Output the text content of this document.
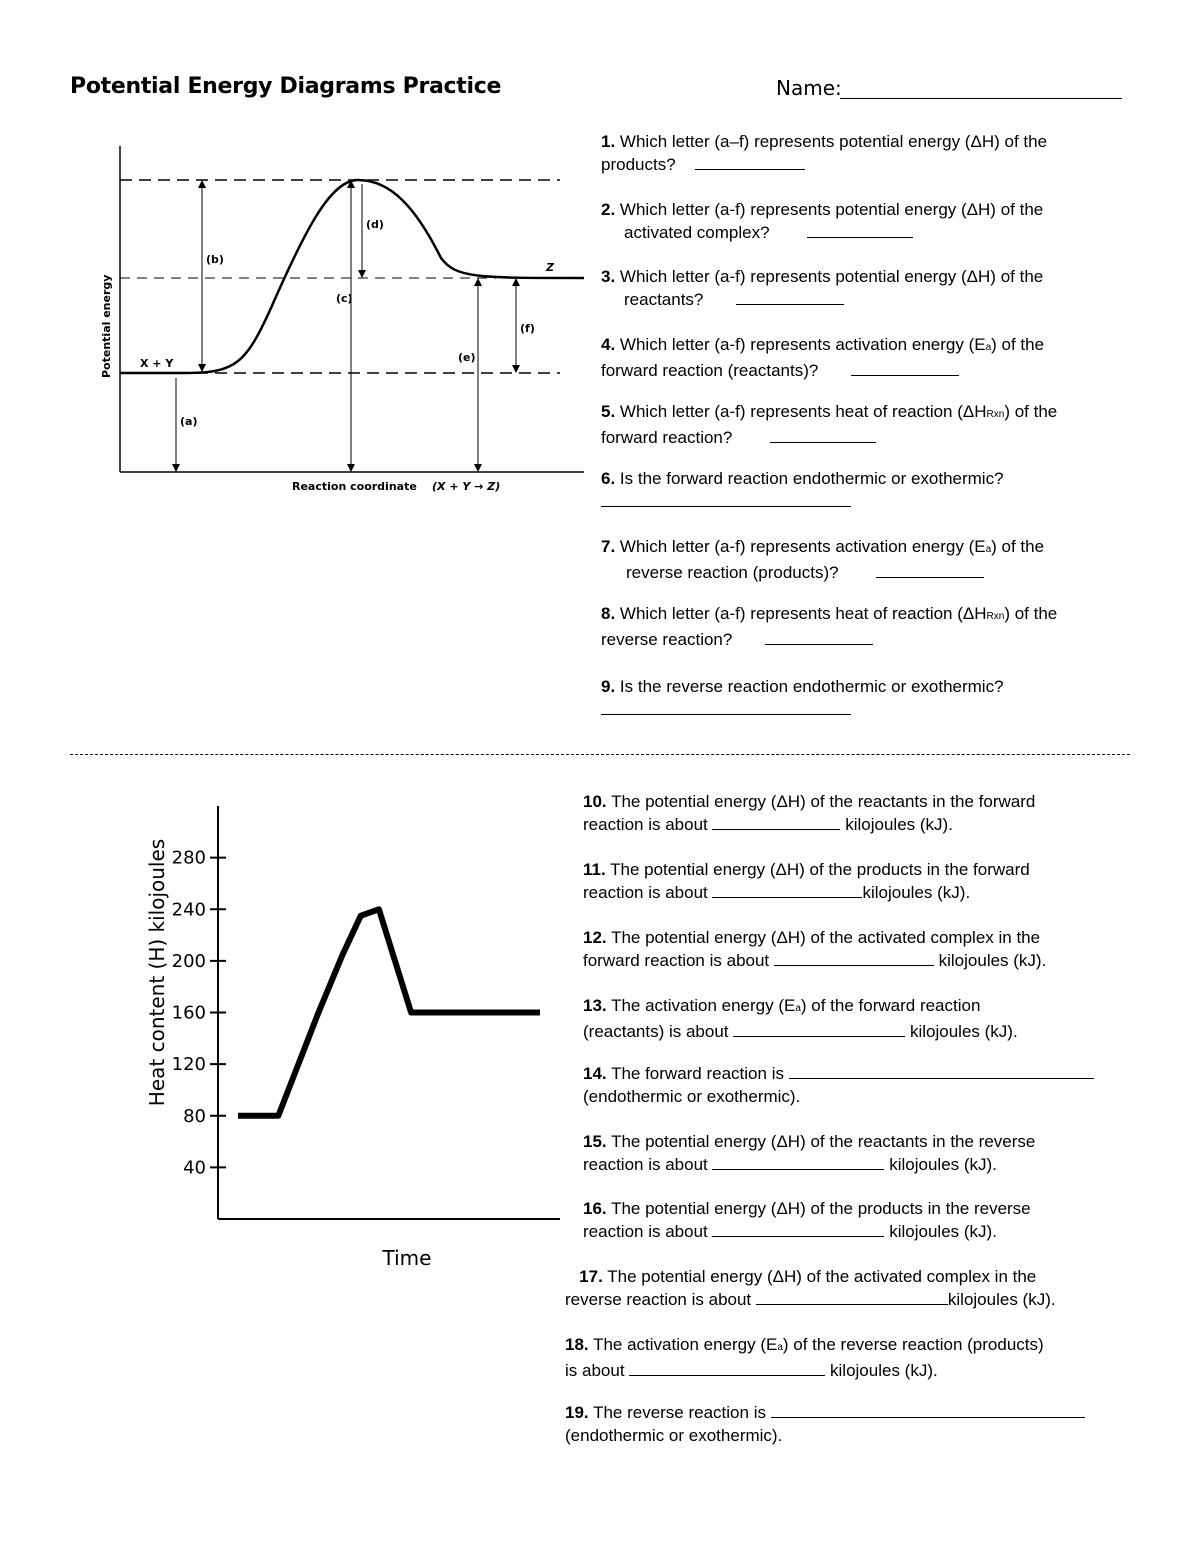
Potential Energy Diagrams Practice	Name:
(b)
(a)
(c)
(d)
(e)
(f)
X + Y
Z
Potential energy
Reaction coordinate (X + Y → Z)
1. Which letter (a–f) represents potential energy (ΔH) of the
products?
2. Which letter (a-f) represents potential energy (ΔH) of the
activated complex?
3. Which letter (a-f) represents potential energy (ΔH) of the
reactants?
4. Which letter (a-f) represents activation energy (Ea) of the
forward reaction (reactants)?
5. Which letter (a-f) represents heat of reaction (ΔHRxn) of the
forward reaction?
6. Is the forward reaction endothermic or exothermic?

7. Which letter (a-f) represents activation energy (Ea) of the
reverse reaction (products)?
8. Which letter (a-f) represents heat of reaction (ΔHRxn) of the
reverse reaction?
9. Is the reverse reaction endothermic or exothermic?

40
80
120
160
200
240
280
Heat content (H) kilojoules
Time
10. The potential energy (ΔH) of the reactants in the forward
reaction is about	kilojoules (kJ).
11. The potential energy (ΔH) of the products in the forward
reaction is about	kilojoules (kJ).
12. The potential energy (ΔH) of the activated complex in the
forward reaction is about	kilojoules (kJ).
13. The activation energy (Ea) of the forward reaction
(reactants) is about	kilojoules (kJ).
14. The forward reaction is
(endothermic or exothermic).
15. The potential energy (ΔH) of the reactants in the reverse
reaction is about	kilojoules (kJ).
16. The potential energy (ΔH) of the products in the reverse
reaction is about	kilojoules (kJ).
17. The potential energy (ΔH) of the activated complex in the
reverse reaction is about	kilojoules (kJ).
18. The activation energy (Ea) of the reverse reaction (products)
is about	kilojoules (kJ).
19. The reverse reaction is
(endothermic or exothermic).
